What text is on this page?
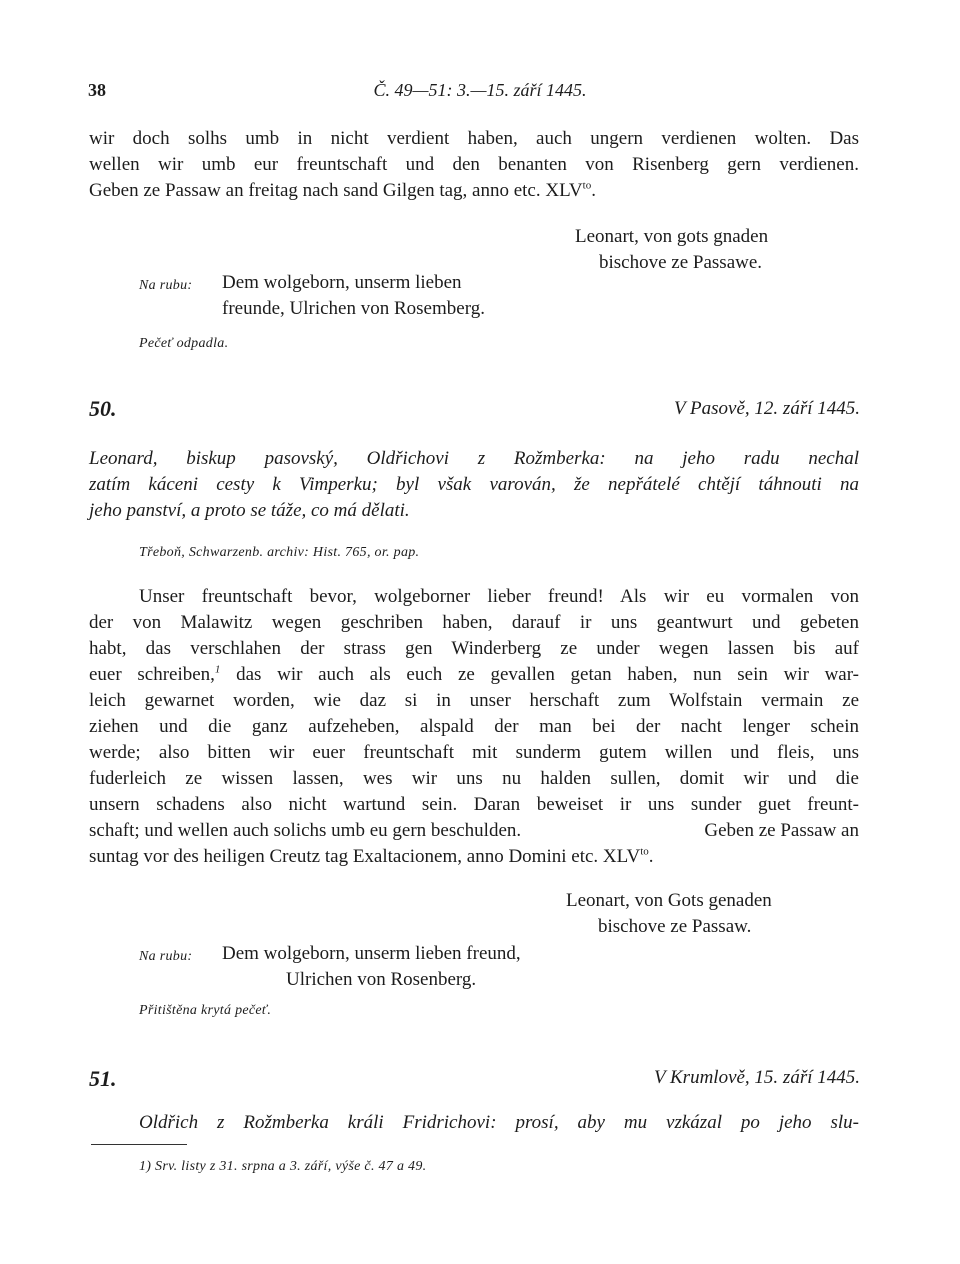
38	Č. 49—51: 3.—15. září 1445.
wir doch solhs umb in nicht verdient haben, auch ungern verdienen wolten. Das
wellen wir umb eur freuntschaft und den benanten von Risenberg gern verdienen.
Geben ze Passaw an freitag nach sand Gilgen tag, anno etc. $XLV^{to}$.
Leonart, von gots gnaden
bischove ze Passawe.
Na rubu: Dem wolgeborn, unserm lieben
freunde, Ulrichen von Rosemberg.
Pečeť odpadla.
50.	V Pasově, 12. září 1445.
Leonard, biskup pasovský, Oldřichovi z Rožmberka: na jeho radu nechal
zatím káceni cesty k Vimperku; byl však varován, že nepřátelé chtějí táhnouti na
jeho panství, a proto se táže, co má dělati.
Třeboň, Schwarzenb. archiv: Hist. 765, or. pap.
Unser freuntschaft bevor, wolgeborner lieber freund! Als wir eu vormalen von
der von Malawitz wegen geschriben haben, darauf ir uns geantwurt und gebeten
habt, das verschlahen der strass gen Winderberg ze under wegen lassen bis auf
euer schreiben,$^1$ das wir auch als euch ze gevallen getan haben, nun sein wir war-
leich gewarnet worden, wie daz si in unser herschaft zum Wolfstain vermain ze
ziehen und die ganz aufzeheben, alspald der man bei der nacht lenger schein
werde; also bitten wir euer freuntschaft mit sunderm gutem willen und fleis, uns
fuderleich ze wissen lassen, wes wir uns nu halden sullen, domit wir und die
unsern schadens also nicht wartund sein. Daran beweiset ir uns sunder guet freunt-
schaft; und wellen auch solichs umb eu gern beschulden.	Geben ze Passaw an
suntag vor des heiligen Creutz tag Exaltacionem, anno Domini etc. $XLV^{to}$.
Leonart, von Gots genaden
bischove ze Passaw.
Na rubu: Dem wolgeborn, unserm lieben freund,
Ulrichen von Rosenberg.
Přitištěna krytá pečeť.
51.	V Krumlově, 15. září 1445.
Oldřich z Rožmberka králi Fridrichovi: prosí, aby mu vzkázal po jeho slu-
1) Srv. listy z 31. srpna a 3. září, výše č. 47 a 49.
